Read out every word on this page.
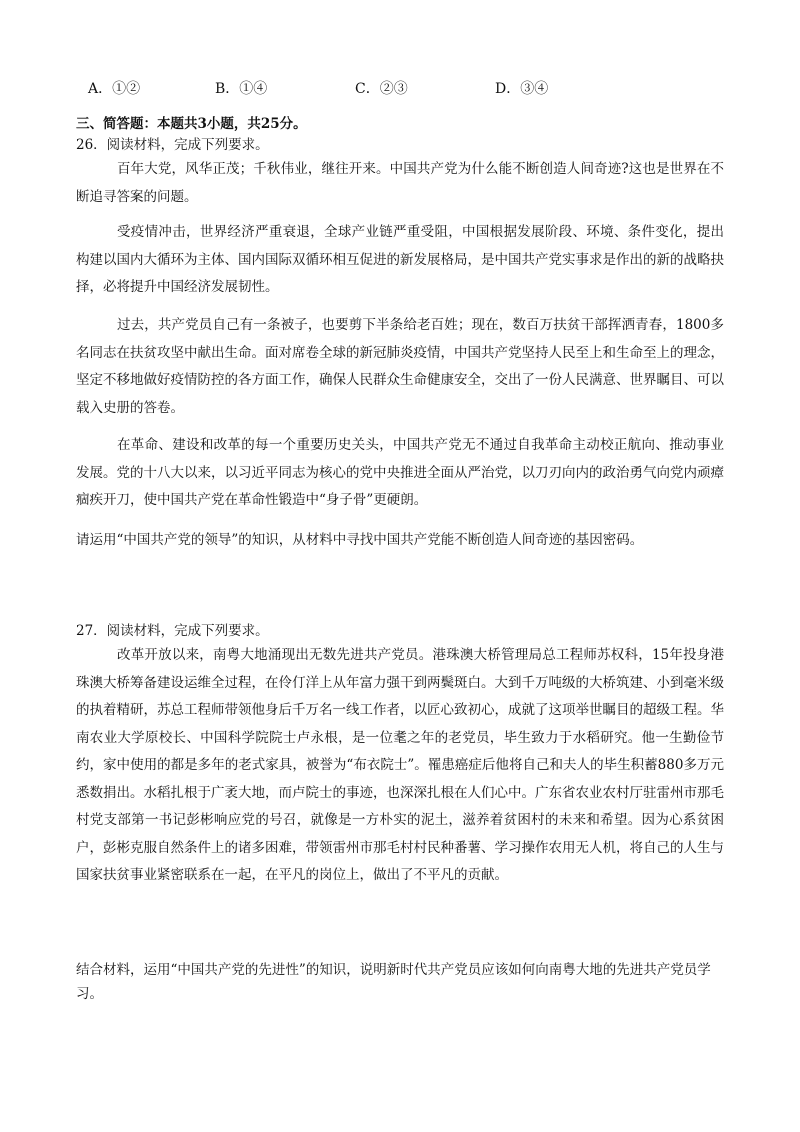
A．①②	B．①④	C．②③	D．③④
三、简答题：本题共3小题，共25分。
26．阅读材料，完成下列要求。

百年大党，风华正茂；千秋伟业，继往开来。中国共产党为什么能不断创造人间奇迹?这也是世界在不断追寻答案的问题。

受疫情冲击，世界经济严重衰退，全球产业链严重受阻，中国根据发展阶段、环境、条件变化，提出构建以国内大循环为主体、国内国际双循环相互促进的新发展格局，是中国共产党实事求是作出的新的战略抉择，必将提升中国经济发展韧性。

过去，共产党员自己有一条被子，也要剪下半条给老百姓；现在，数百万扶贫干部挥洒青春，1800多名同志在扶贫攻坚中献出生命。面对席卷全球的新冠肺炎疫情，中国共产党坚持人民至上和生命至上的理念，坚定不移地做好疫情防控的各方面工作，确保人民群众生命健康安全，交出了一份人民满意、世界瞩目、可以载入史册的答卷。

在革命、建设和改革的每一个重要历史关头，中国共产党无不通过自我革命主动校正航向、推动事业发展。党的十八大以来，以习近平同志为核心的党中央推进全面从严治党，以刀刃向内的政治勇气向党内顽瘴痼疾开刀，使中国共产党在革命性锻造中“身子骨”更硬朗。

请运用“中国共产党的领导”的知识，从材料中寻找中国共产党能不断创造人间奇迹的基因密码。

27．阅读材料，完成下列要求。

改革开放以来，南粤大地涌现出无数先进共产党员。港珠澳大桥管理局总工程师苏权科，15年投身港珠澳大桥筹备建设运维全过程，在伶仃洋上从年富力强干到两鬓斑白。大到千万吨级的大桥筑建、小到毫米级的执着精研，苏总工程师带领他身后千万名一线工作者，以匠心致初心，成就了这项举世瞩目的超级工程。华南农业大学原校长、中国科学院院士卢永根，是一位耄之年的老党员，毕生致力于水稻研究。他一生勤俭节约，家中使用的都是多年的老式家具，被誉为“布衣院士”。罹患癌症后他将自己和夫人的毕生积蓄880多万元悉数捐出。水稻扎根于广袤大地，而卢院士的事迹，也深深扎根在人们心中。广东省农业农村厅驻雷州市那毛村党支部第一书记彭彬响应党的号召，就像是一方朴实的泥土，滋养着贫困村的未来和希望。因为心系贫困户，彭彬克服自然条件上的诸多困难，带领雷州市那毛村村民种番薯、学习操作农用无人机，将自己的人生与国家扶贫事业紧密联系在一起，在平凡的岗位上，做出了不平凡的贡献。

结合材料，运用“中国共产党的先进性”的知识，说明新时代共产党员应该如何向南粤大地的先进共产党员学习。
